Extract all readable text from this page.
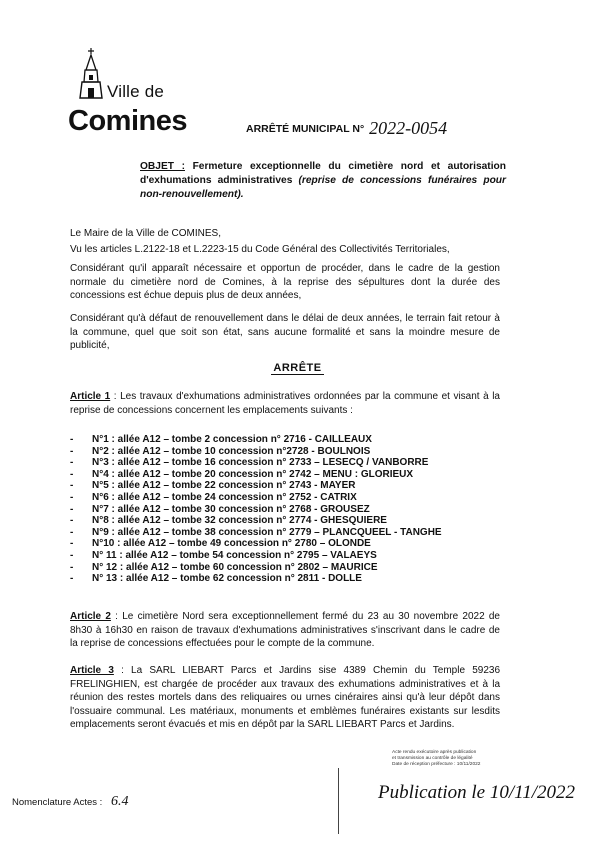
Ville de
Comines	ARRÊTÉ MUNICIPAL N° 2022-0054
OBJET : Fermeture exceptionnelle du cimetière nord et autorisation d'exhumations administratives (reprise de concessions funéraires pour non-renouvellement).
Le Maire de la Ville de COMINES,
Vu les articles L.2122-18 et L.2223-15 du Code Général des Collectivités Territoriales,
Considérant qu'il apparaît nécessaire et opportun de procéder, dans le cadre de la gestion normale du cimetière nord de Comines, à la reprise des sépultures dont la durée des concessions est échue depuis plus de deux années,
Considérant qu'à défaut de renouvellement dans le délai de deux années, le terrain fait retour à la commune, quel que soit son état, sans aucune formalité et sans la moindre mesure de publicité,
ARRÊTE
Article 1 : Les travaux d'exhumations administratives ordonnées par la commune et visant à la reprise de concessions concernent les emplacements suivants :
- N°1 : allée A12 – tombe 2 concession n° 2716 - CAILLEAUX
- N°2 : allée A12 – tombe 10 concession n°2728 - BOULNOIS
- N°3 : allée A12 – tombe 16 concession n° 2733 – LESECQ / VANBORRE
- N°4 : allée A12 – tombe 20 concession n° 2742 – MENU : GLORIEUX
- N°5 : allée A12 – tombe 22 concession n° 2743 - MAYER
- N°6 : allée A12 – tombe 24 concession n° 2752 - CATRIX
- N°7 : allée A12 – tombe 30 concession n° 2768 - GROUSEZ
- N°8 : allée A12 – tombe 32 concession n° 2774 - GHESQUIERE
- N°9 : allée A12 – tombe 38 concession n° 2779 – PLANCQUEEL - TANGHE
- N°10 : allée A12 – tombe 49 concession n° 2780 – OLONDE
- N° 11 : allée A12 – tombe 54 concession n° 2795 – VALAEYS
- N° 12 : allée A12 – tombe 60 concession n° 2802 – MAURICE
- N° 13 : allée A12 – tombe 62 concession n° 2811 - DOLLE
Article 2 : Le cimetière Nord sera exceptionnellement fermé du 23 au 30 novembre 2022 de 8h30 à 16h30 en raison de travaux d'exhumations administratives s'inscrivant dans le cadre de la reprise de concessions effectuées pour le compte de la commune.
Article 3 : La SARL LIEBART Parcs et Jardins sise 4389 Chemin du Temple 59236 FRELINGHIEN, est chargée de procéder aux travaux des exhumations administratives et à la réunion des restes mortels dans des reliquaires ou urnes cinéraires ainsi qu'à leur dépôt dans l'ossuaire communal. Les matériaux, monuments et emblèmes funéraires existants sur lesdits emplacements seront évacués et mis en dépôt par la SARL LIEBART Parcs et Jardins.
Acte rendu exécutoire après publication
et transmission au contrôle de légalité
Date de réception préfecture : 10/11/2022
Nomenclature Actes : 6.4	Publication le 10/11/2022
